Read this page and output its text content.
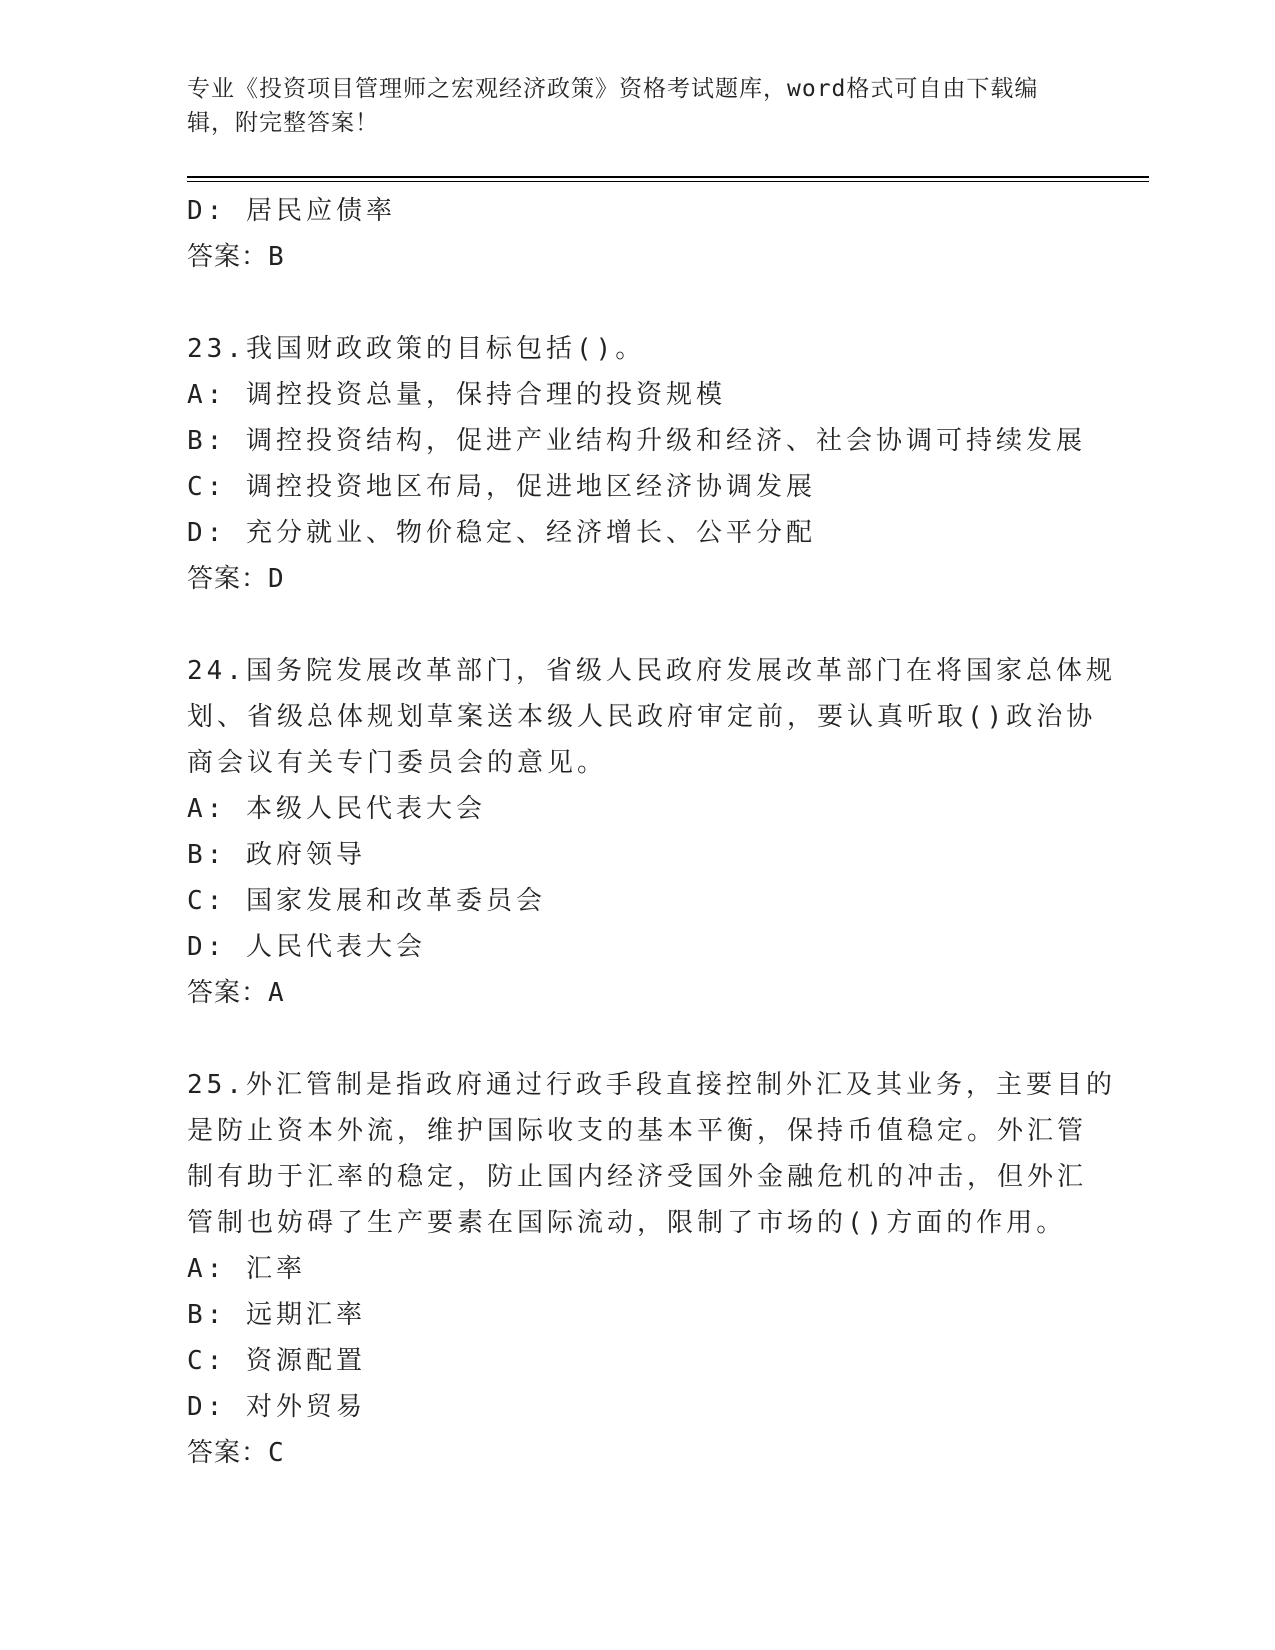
专业《投资项目管理师之宏观经济政策》资格考试题库，word格式可自由下载编
辑，附完整答案！
D: 居民应债率
答案：B
23.我国财政政策的目标包括()。
A: 调控投资总量，保持合理的投资规模
B: 调控投资结构，促进产业结构升级和经济、社会协调可持续发展
C: 调控投资地区布局，促进地区经济协调发展
D: 充分就业、物价稳定、经济增长、公平分配
答案：D
24.国务院发展改革部门，省级人民政府发展改革部门在将国家总体规
划、省级总体规划草案送本级人民政府审定前，要认真听取()政治协
商会议有关专门委员会的意见。
A: 本级人民代表大会
B: 政府领导
C: 国家发展和改革委员会
D: 人民代表大会
答案：A
25.外汇管制是指政府通过行政手段直接控制外汇及其业务，主要目的
是防止资本外流，维护国际收支的基本平衡，保持币值稳定。外汇管
制有助于汇率的稳定，防止国内经济受国外金融危机的冲击，但外汇
管制也妨碍了生产要素在国际流动，限制了市场的()方面的作用。
A: 汇率
B: 远期汇率
C: 资源配置
D: 对外贸易
答案：C
